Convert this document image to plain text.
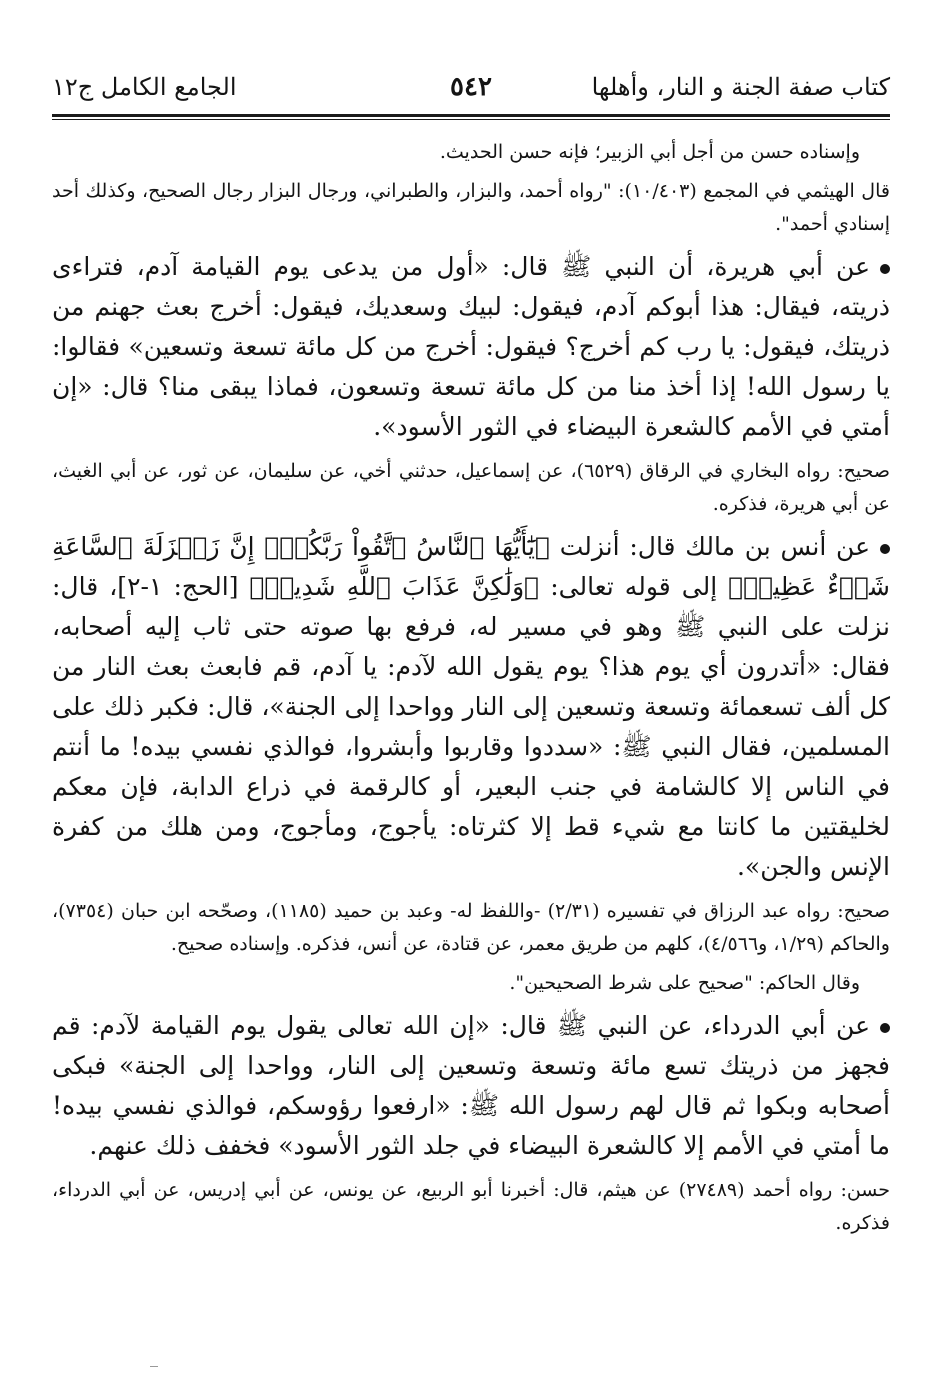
كتاب صفة الجنة و النار، وأهلها
٥٤٢
الجامع الكامل ج١٢

وإسناده حسن من أجل أبي الزبير؛ فإنه حسن الحديث.

قال الهيثمي في المجمع (١٠/٤٠٣): "رواه أحمد، والبزار، والطبراني، ورجال البزار رجال الصحيح، وكذلك أحد إسنادي أحمد".

عن أبي هريرة، أن النبي ﷺ قال: «أول من يدعى يوم القيامة آدم، فتراءى ذريته، فيقال: هذا أبوكم آدم، فيقول: لبيك وسعديك، فيقول: أخرج بعث جهنم من ذريتك، فيقول: يا رب كم أخرج؟ فيقول: أخرج من كل مائة تسعة وتسعين» فقالوا: يا رسول الله! إذا أخذ منا من كل مائة تسعة وتسعون، فماذا يبقى منا؟ قال: «إن أمتي في الأمم كالشعرة البيضاء في الثور الأسود».

صحيح: رواه البخاري في الرقاق (٦٥٢٩)، عن إسماعيل، حدثني أخي، عن سليمان، عن ثور، عن أبي الغيث، عن أبي هريرة، فذكره.

عن أنس بن مالك قال: أنزلت ﴿يَٰٓأَيُّهَا ٱلنَّاسُ ٱتَّقُواْ رَبَّكُمۡۚ إِنَّ زَلۡزَلَةَ ٱلسَّاعَةِ شَيۡءٌ عَظِيمٞ﴾ إلى قوله تعالى: ﴿وَلَٰكِنَّ عَذَابَ ٱللَّهِ شَدِيدٞ﴾ [الحج: ١-٢]، قال: نزلت على النبي ﷺ وهو في مسير له، فرفع بها صوته حتى ثاب إليه أصحابه، فقال: «أتدرون أي يوم هذا؟ يوم يقول الله لآدم: يا آدم، قم فابعث بعث النار من كل ألف تسعمائة وتسعة وتسعين إلى النار وواحدا إلى الجنة»، قال: فكبر ذلك على المسلمين، فقال النبي ﷺ: «سددوا وقاربوا وأبشروا، فوالذي نفسي بيده! ما أنتم في الناس إلا كالشامة في جنب البعير، أو كالرقمة في ذراع الدابة، فإن معكم لخليقتين ما كانتا مع شيء قط إلا كثرتاه: يأجوج، ومأجوج، ومن هلك من كفرة الإنس والجن».

صحيح: رواه عبد الرزاق في تفسيره (٢/٣١) -واللفظ له- وعبد بن حميد (١١٨٥)، وصحّحه ابن حبان (٧٣٥٤)، والحاكم (١/٢٩، و٤/٥٦٦)، كلهم من طريق معمر، عن قتادة، عن أنس، فذكره. وإسناده صحيح.

وقال الحاكم: "صحيح على شرط الصحيحين".

عن أبي الدرداء، عن النبي ﷺ قال: «إن الله تعالى يقول يوم القيامة لآدم: قم فجهز من ذريتك تسع مائة وتسعة وتسعين إلى النار، وواحدا إلى الجنة» فبكى أصحابه وبكوا ثم قال لهم رسول الله ﷺ: «ارفعوا رؤوسكم، فوالذي نفسي بيده! ما أمتي في الأمم إلا كالشعرة البيضاء في جلد الثور الأسود» فخفف ذلك عنهم.

حسن: رواه أحمد (٢٧٤٨٩) عن هيثم، قال: أخبرنا أبو الربيع، عن يونس، عن أبي إدريس، عن أبي الدرداء، فذكره.
